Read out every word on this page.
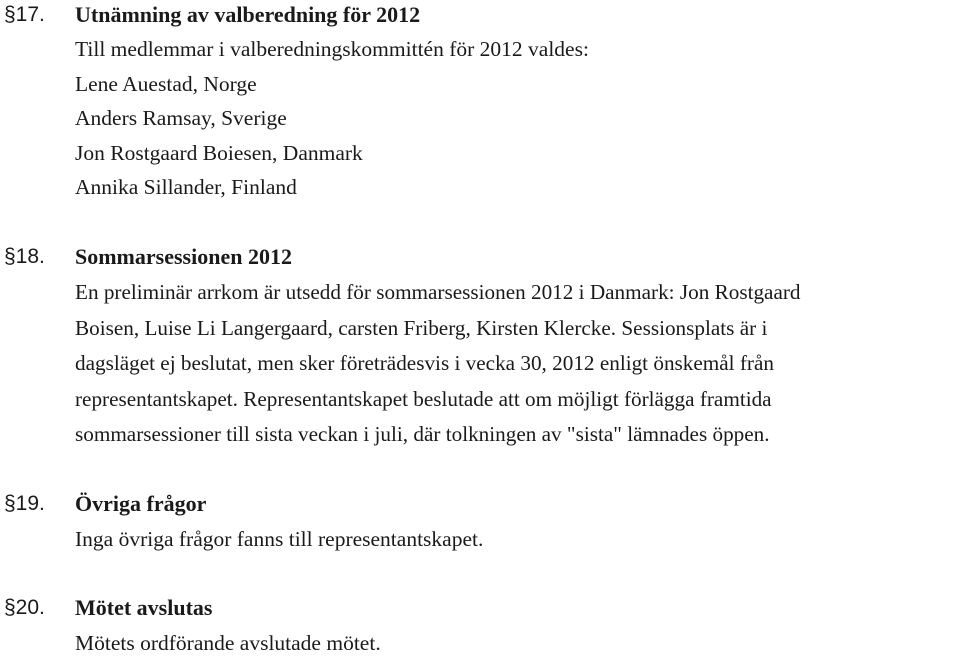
§17. Utnämning av valberedning för 2012
Till medlemmar i valberedningskommittén för 2012 valdes:
Lene Auestad, Norge
Anders Ramsay, Sverige
Jon Rostgaard Boiesen, Danmark
Annika Sillander, Finland
§18. Sommarsessionen 2012
En preliminär arrkom är utsedd för sommarsessionen 2012 i Danmark: Jon Rostgaard
Boisen, Luise Li Langergaard, carsten Friberg, Kirsten Klercke. Sessionsplats är i
dagsläget ej beslutat, men sker företrädesvis i vecka 30, 2012 enligt önskemål från
representantskapet. Representantskapet beslutade att om möjligt förlägga framtida
sommarsessioner till sista veckan i juli, där tolkningen av "sista" lämnades öppen.
§19. Övriga frågor
Inga övriga frågor fanns till representantskapet.
§20. Mötet avslutas
Mötets ordförande avslutade mötet.
